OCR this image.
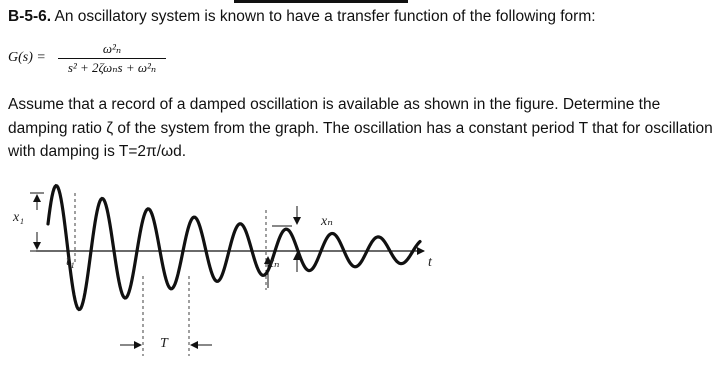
B-5-6. An oscillatory system is known to have a transfer function of the following form:
G(s) =
ω²ₙ
s² + 2ζωₙs + ω²ₙ
Assume that a record of a damped oscillation is available as shown in the figure. Determine the damping ratio ζ of the system from the graph. The oscillation has a constant period T that for oscillation with damping is T=2π/ωd.
x₁
t₁	tₙ
xₙ
t
T
